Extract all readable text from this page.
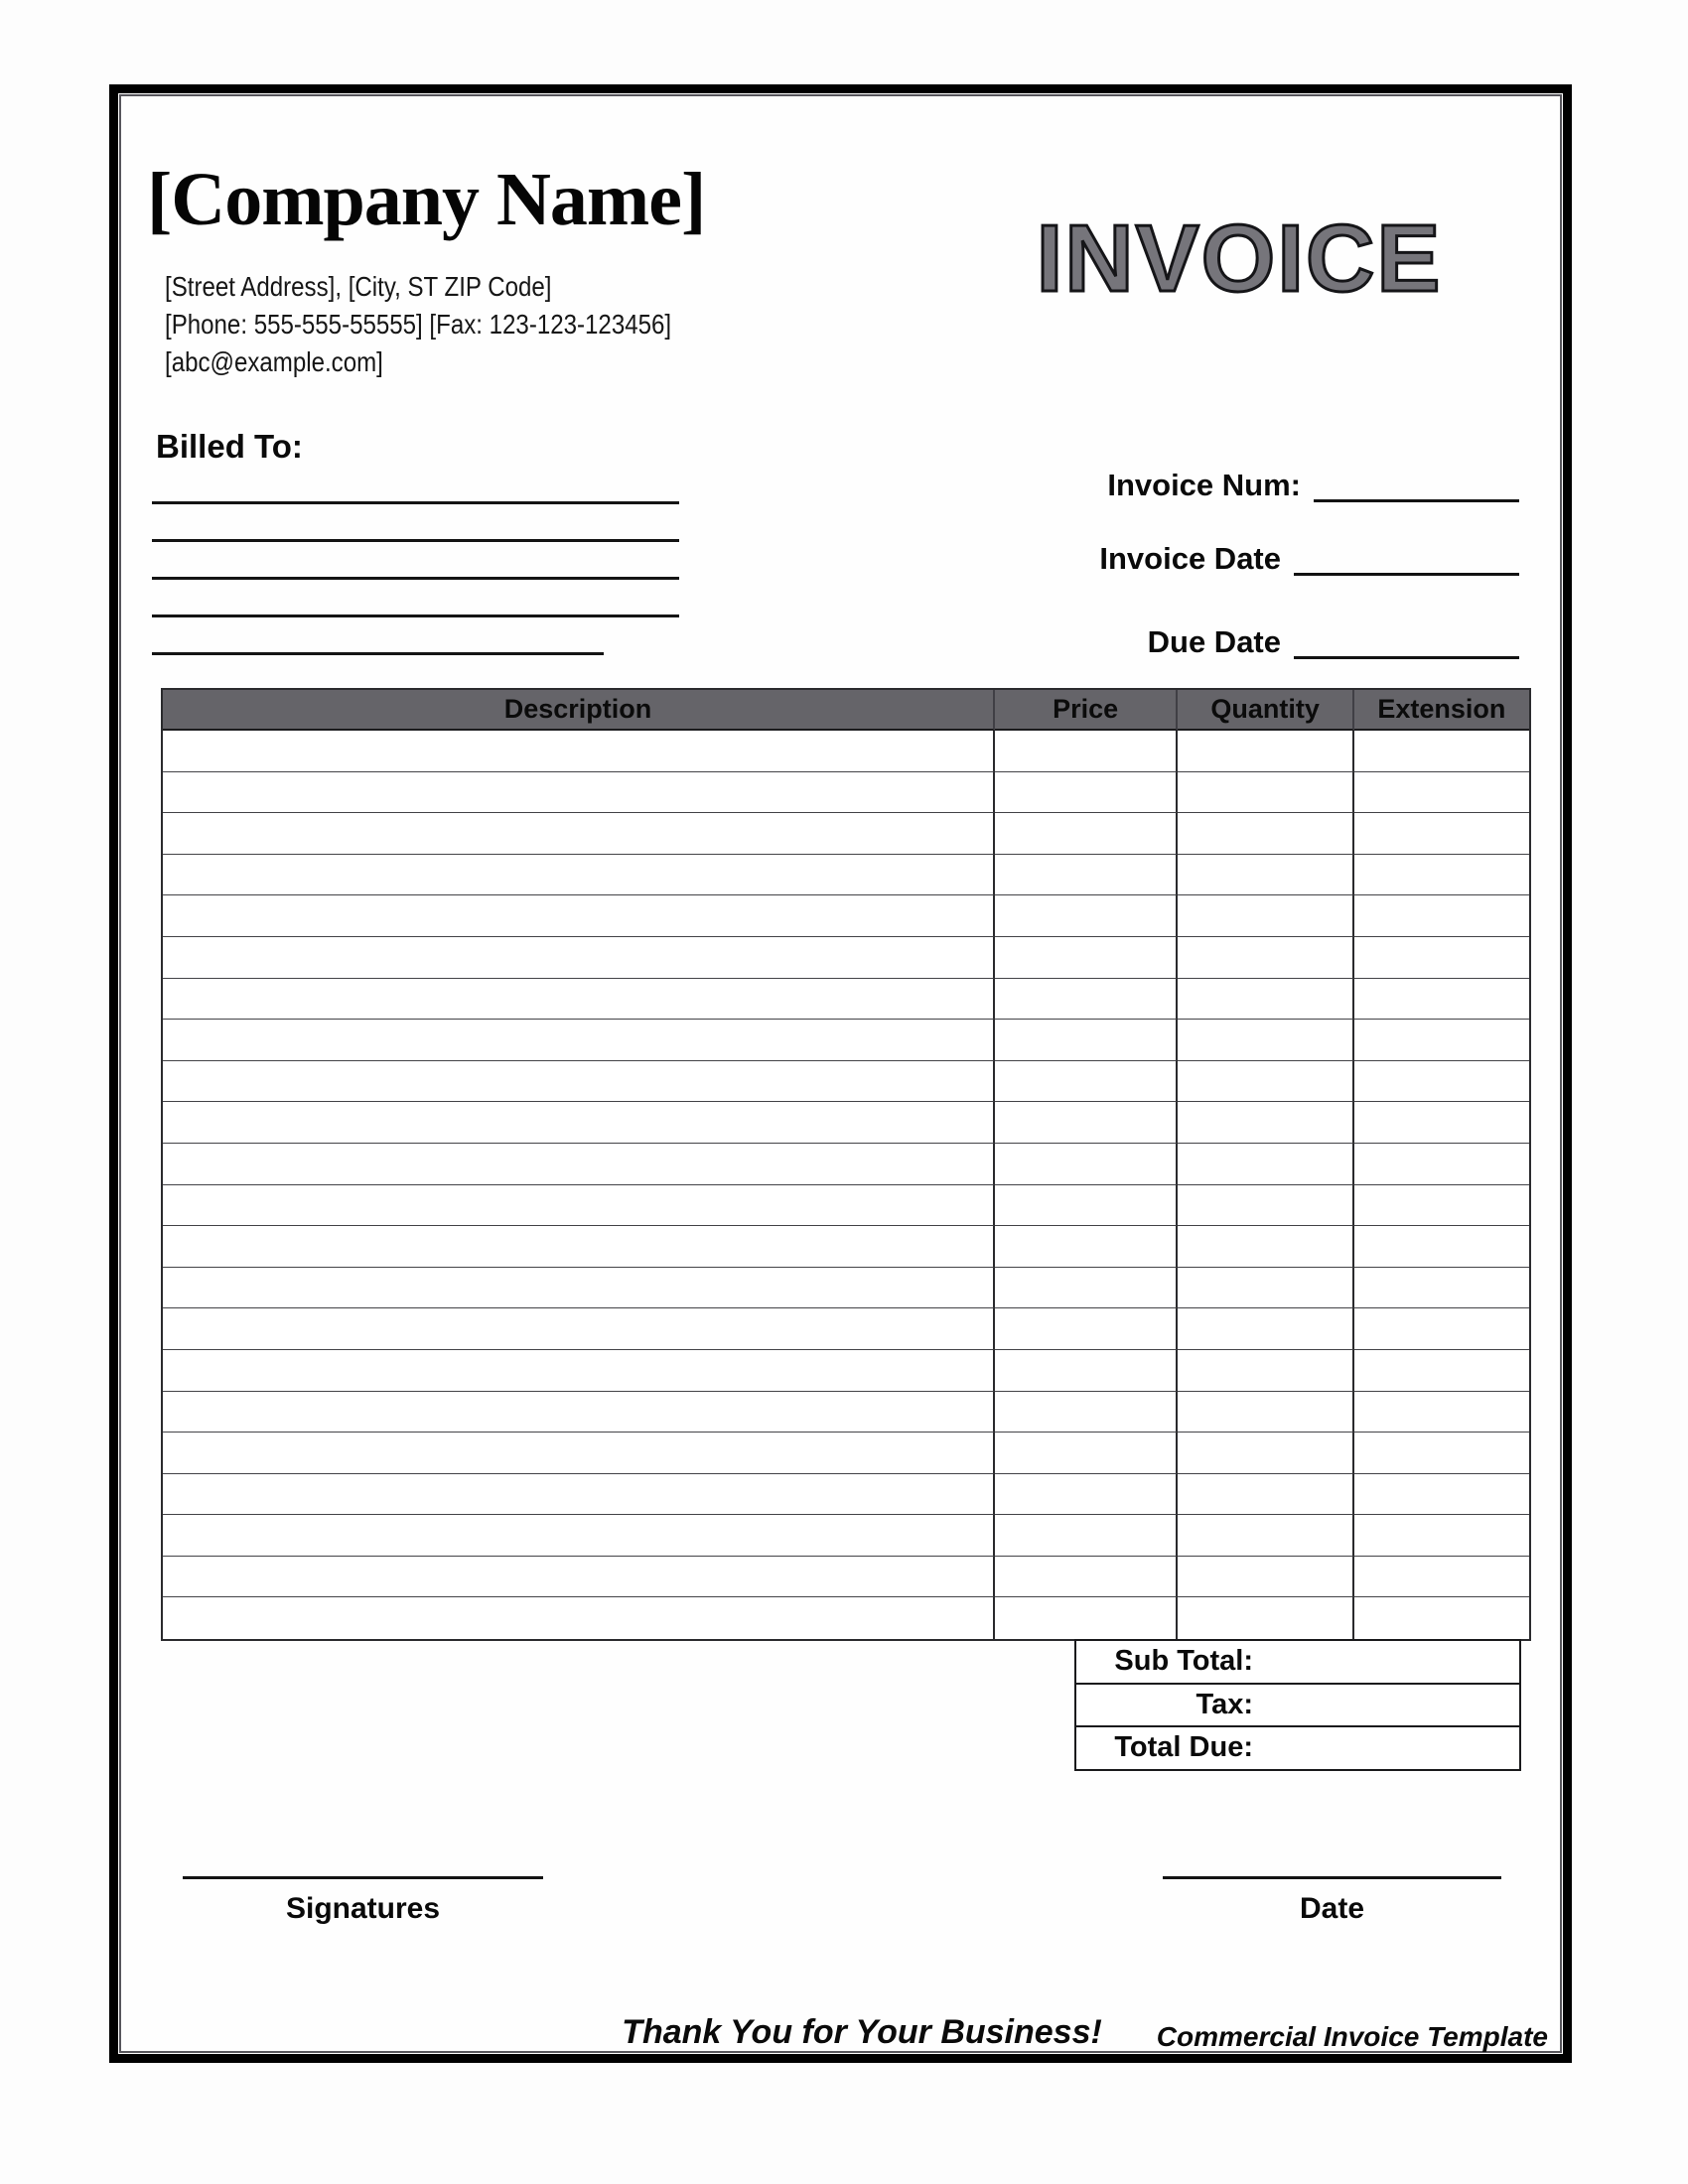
[Company Name]
[Street Address], [City, ST ZIP Code]
[Phone: 555-555-55555] [Fax: 123-123-123456]
[abc@example.com]
INVOICE
Billed To:
Invoice Num:
Invoice Date
Due Date
Description	Price	Quantity	Extension
Sub Total:
Tax:
Total Due:
Signatures	Date
Thank You for Your Business!	Commercial Invoice Template
